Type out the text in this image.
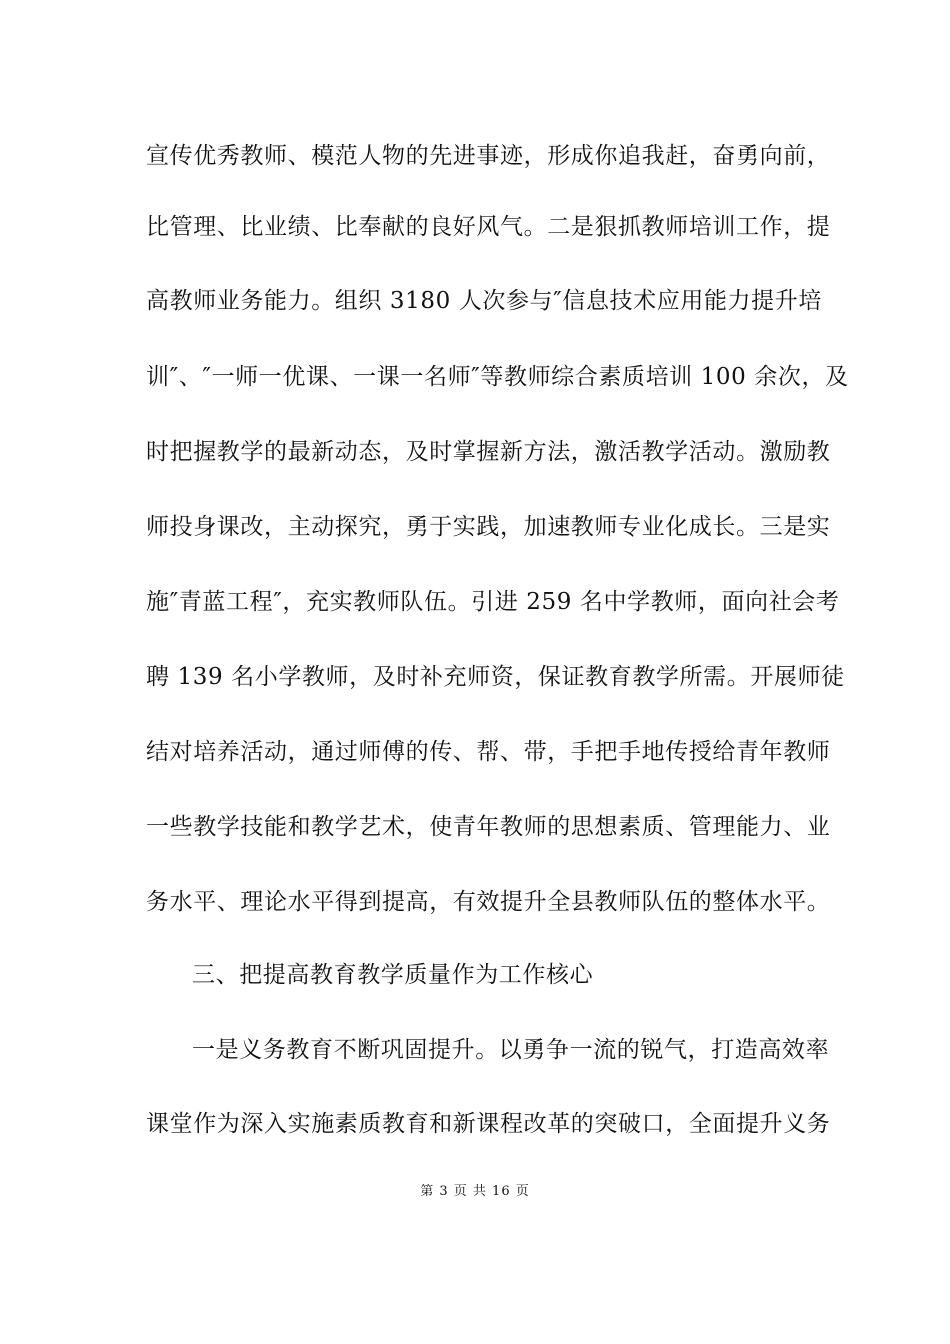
宣传优秀教师、模范人物的先进事迹，形成你追我赶，奋勇向前，
比管理、比业绩、比奉献的良好风气。二是狠抓教师培训工作，提
高教师业务能力。组织 3180 人次参与″信息技术应用能力提升培
训″、″一师一优课、一课一名师″等教师综合素质培训 100 余次，及
时把握教学的最新动态，及时掌握新方法，激活教学活动。激励教
师投身课改，主动探究，勇于实践，加速教师专业化成长。三是实
施″青蓝工程″，充实教师队伍。引进 259 名中学教师，面向社会考
聘 139 名小学教师，及时补充师资，保证教育教学所需。开展师徒
结对培养活动，通过师傅的传、帮、带，手把手地传授给青年教师
一些教学技能和教学艺术，使青年教师的思想素质、管理能力、业
务水平、理论水平得到提高，有效提升全县教师队伍的整体水平。
三、把提高教育教学质量作为工作核心
一是义务教育不断巩固提升。以勇争一流的锐气，打造高效率
课堂作为深入实施素质教育和新课程改革的突破口，全面提升义务
第 3 页 共 16 页
